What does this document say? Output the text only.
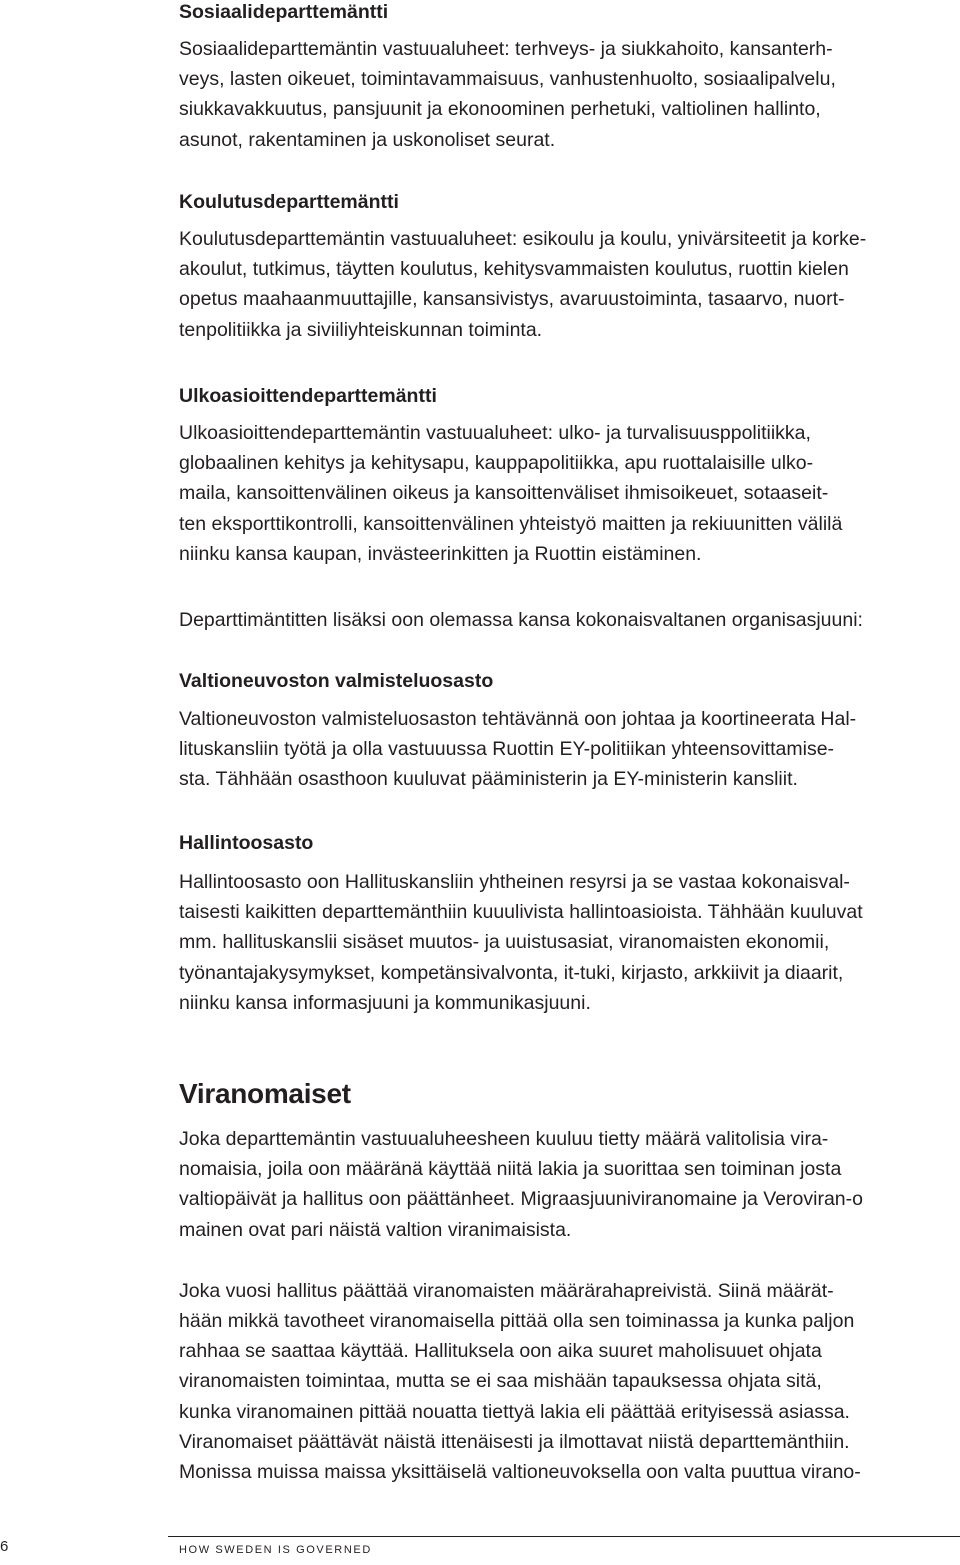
Sosiaalideparttemäntti
Sosiaalideparttemäntin vastuualuheet: terhveys- ja siukkahoito, kansanterh-
veys, lasten oikeuet, toimintavammaisuus, vanhustenhuolto, sosiaalipalvelu,
siukkavakkuutus, pansjuunit ja ekonoominen perhetuki, valtiolinen hallinto,
asunot, rakentaminen ja uskonoliset seurat.
Koulutusdeparttemäntti
Koulutusdeparttemäntin vastuualuheet: esikoulu ja koulu, ynivärsiteetit ja korke-
akoulut, tutkimus, täytten koulutus, kehitysvammaisten koulutus, ruottin kielen
opetus maahaanmuuttajille, kansansivistys, avaruustoiminta, tasaarvo, nuort-
tenpolitiikka ja siviiliyhteiskunnan toiminta.
Ulkoasioittendeparttemäntti
Ulkoasioittendeparttemäntin vastuualuheet: ulko- ja turvalisuusppolitiikka,
globaalinen kehitys ja kehitysapu, kauppapolitiikka, apu ruottalaisille ulko-
maila, kansoittenvälinen oikeus ja kansoittenväliset ihmisoikeuet, sotaaseit-
ten eksporttikontrolli, kansoittenvälinen yhteistyö maitten ja rekiuunitten välilä
niinku kansa kaupan, invästeerinkitten ja Ruottin eistäminen.
Departtimäntitten lisäksi oon olemassa kansa kokonaisvaltanen organisasjuuni:
Valtioneuvoston valmisteluosasto
Valtioneuvoston valmisteluosaston tehtävännä oon johtaa ja koortineerata Hal-
lituskansliin työtä ja olla vastuuussa Ruottin EY-politiikan yhteensovittamise-
sta. Tähhään osasthoon kuuluvat pääministerin ja EY-ministerin kansliit.
Hallintoosasto
Hallintoosasto oon Hallituskansliin yhtheinen resyrsi ja se vastaa kokonaisval-
taisesti kaikitten departtemänthiin kuuulivista hallintoasioista. Tähhään kuuluvat
mm. hallituskanslii sisäset muutos- ja uuistusasiat, viranomaisten ekonomii,
työnantajakysymykset, kompetänsivalvonta, it-tuki, kirjasto, arkkiivit ja diaarit,
niinku kansa informasjuuni ja kommunikasjuuni.
Viranomaiset
Joka departtemäntin vastuualuheesheen kuuluu tietty määrä valitolisia vira-
nomaisia, joila oon määränä käyttää niitä lakia ja suorittaa sen toiminan josta
valtiopäivät ja hallitus oon päättänheet. Migraasjuuniviranomaine ja Veroviran-o
mainen ovat pari näistä valtion viranimaisista.
Joka vuosi hallitus päättää viranomaisten määrärahapreivistä. Siinä määrät-
hään mikkä tavotheet viranomaisella pittää olla sen toiminassa ja kunka paljon
rahhaa se saattaa käyttää. Hallituksela oon aika suuret maholisuuet ohjata
viranomaisten toimintaa, mutta se ei saa mishään tapauksessa ohjata sitä,
kunka viranomainen pittää nouatta tiettyä lakia eli päättää erityisessä asiassa.
Viranomaiset päättävät näistä ittenäisesti ja ilmottavat niistä departtemänthiin.
Monissa muissa maissa yksittäiselä valtioneuvoksella oon valta puuttua virano-
6	HOW SWEDEN IS GOVERNED
